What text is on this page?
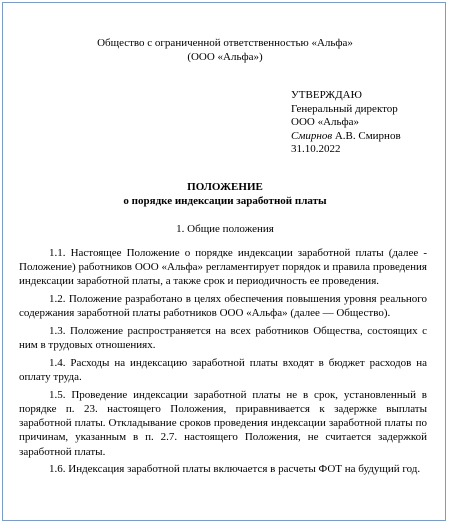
Общество с ограниченной ответственностью «Альфа»
(ООО «Альфа»)
УТВЕРЖДАЮ
Генеральный директор
ООО «Альфа»
Смирнов А.В. Смирнов
31.10.2022
ПОЛОЖЕНИЕ
о порядке индексации заработной платы
1. Общие положения

1.1. Настоящее Положение о порядке индексации заработной платы (далее - Положение) работников ООО «Альфа» регламентирует порядок и правила проведения индексации заработной платы, а также срок и периодичность ее проведения.

1.2. Положение разработано в целях обеспечения повышения уровня реального содержания заработной платы работников ООО «Альфа» (далее — Общество).

1.3. Положение распространяется на всех работников Общества, состоящих с ним в трудовых отношениях.

1.4. Расходы на индексацию заработной платы входят в бюджет расходов на оплату труда.

1.5. Проведение индексации заработной платы не в срок, установленный в порядке п. 23. настоящего Положения, приравнивается к задержке выплаты заработной платы. Откладывание сроков проведения индексации заработной платы по причинам, указанным в п. 2.7. настоящего Положения, не считается задержкой заработной платы.

1.6. Индексация заработной платы включается в расчеты ФОТ на будущий год.
